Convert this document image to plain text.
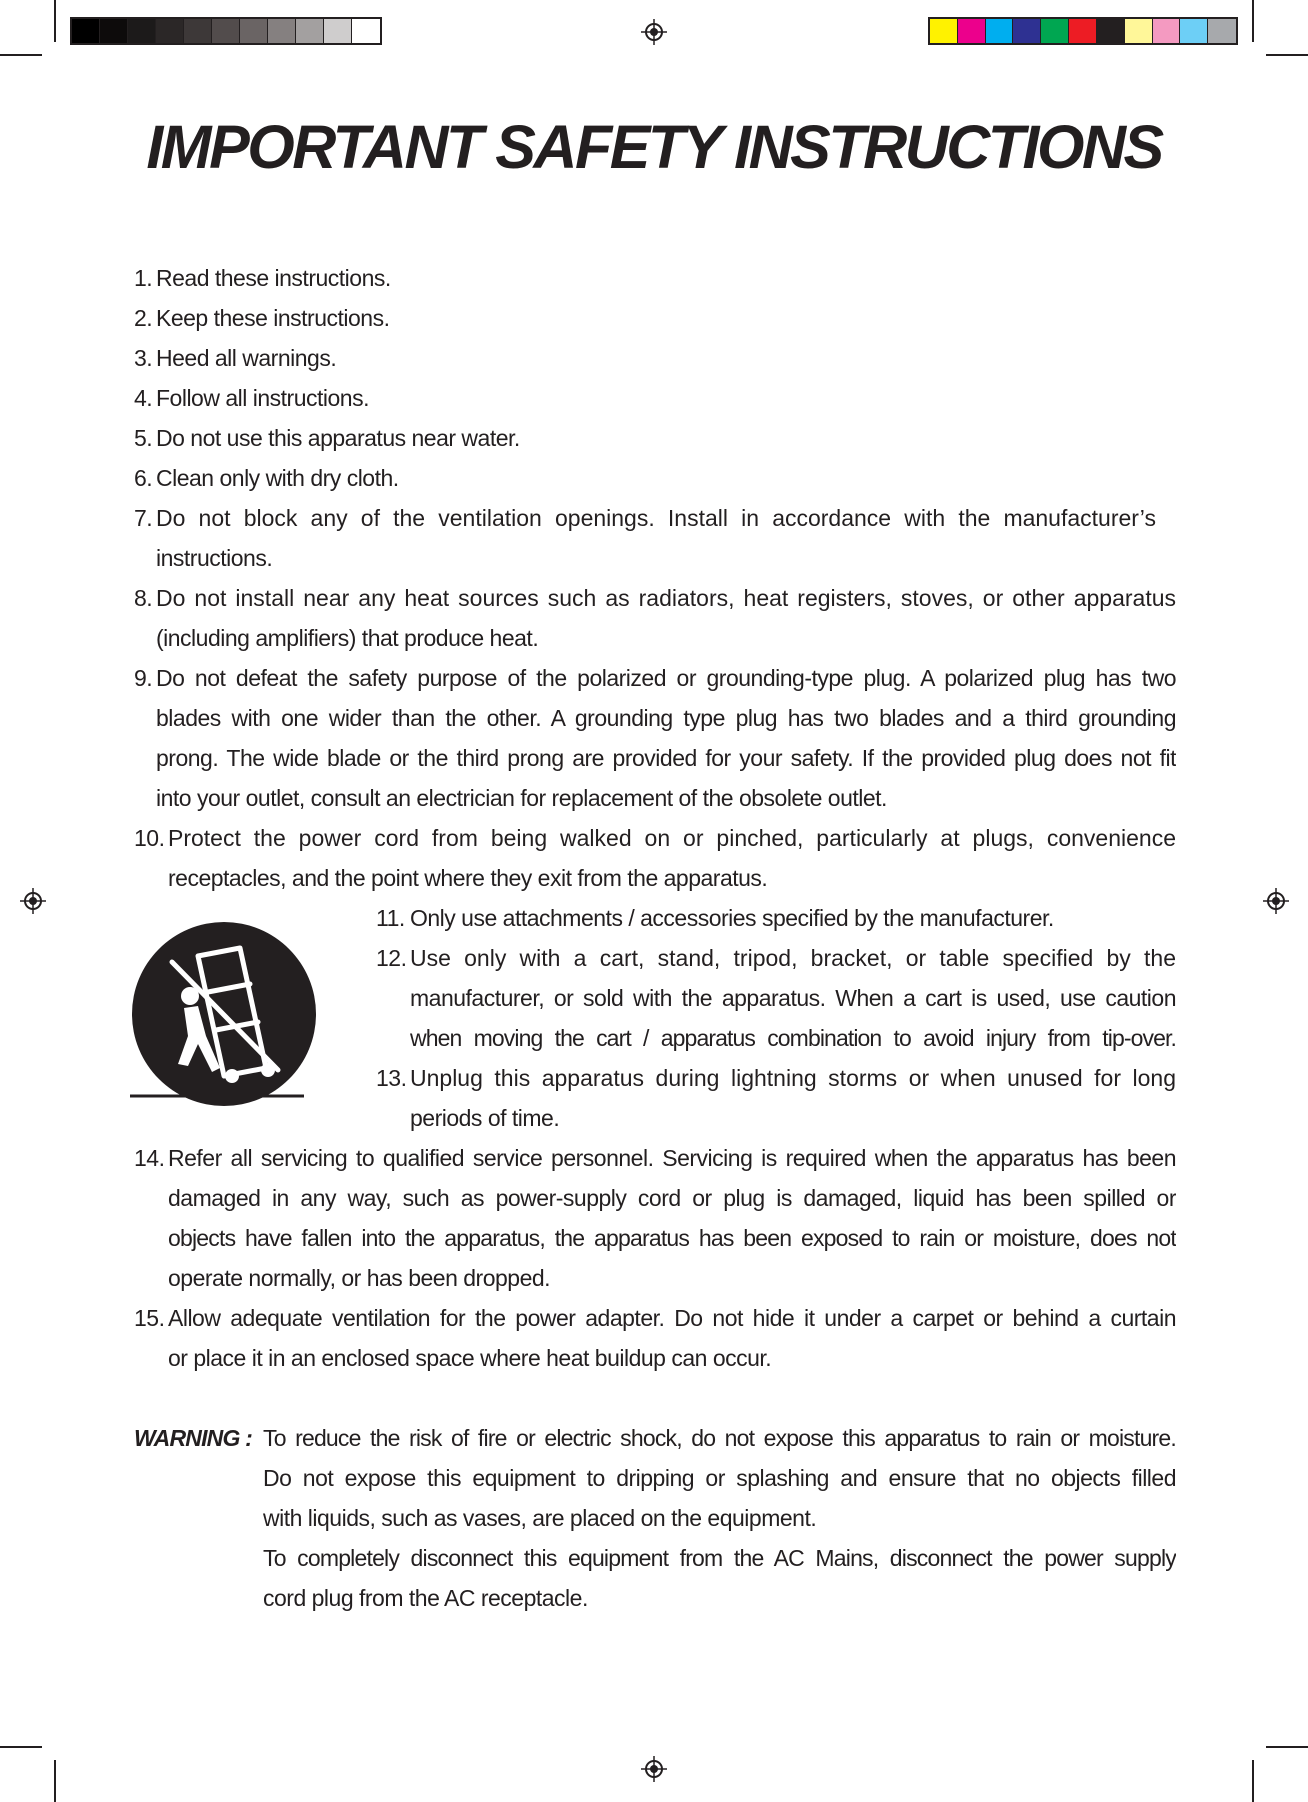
IMPORTANT SAFETY INSTRUCTIONS
1. Read these instructions.
2. Keep these instructions.
3. Heed all warnings.
4. Follow all instructions.
5. Do not use this apparatus near water.
6. Clean only with dry cloth.
7. Do not block any of the ventilation openings. Install in accordance with the manufacturer’s
instructions.
8. Do not install near any heat sources such as radiators, heat registers, stoves, or other apparatus
(including amplifiers) that produce heat.
9. Do not defeat the safety purpose of the polarized or grounding-type plug. A polarized plug has two
blades with one wider than the other. A grounding type plug has two blades and a third grounding
prong. The wide blade or the third prong are provided for your safety. If the provided plug does not fit
into your outlet, consult an electrician for replacement of the obsolete outlet.
10. Protect the power cord from being walked on or pinched, particularly at plugs, convenience
receptacles, and the point where they exit from the apparatus.
11. Only use attachments / accessories specified by the manufacturer.
12. Use only with a cart, stand, tripod, bracket, or table specified by the
manufacturer, or sold with the apparatus. When a cart is used, use caution
when moving the cart / apparatus combination to avoid injury from tip-over.
13. Unplug this apparatus during lightning storms or when unused for long
periods of time.
14. Refer all servicing to qualified service personnel. Servicing is required when the apparatus has been
damaged in any way, such as power-supply cord or plug is damaged, liquid has been spilled or
objects have fallen into the apparatus, the apparatus has been exposed to rain or moisture, does not
operate normally, or has been dropped.
15. Allow adequate ventilation for the power adapter. Do not hide it under a carpet or behind a curtain
or place it in an enclosed space where heat buildup can occur.
WARNING : To reduce the risk of fire or electric shock, do not expose this apparatus to rain or moisture.
Do not expose this equipment to dripping or splashing and ensure that no objects filled
with liquids, such as vases, are placed on the equipment.
To completely disconnect this equipment from the AC Mains, disconnect the power supply
cord plug from the AC receptacle.
